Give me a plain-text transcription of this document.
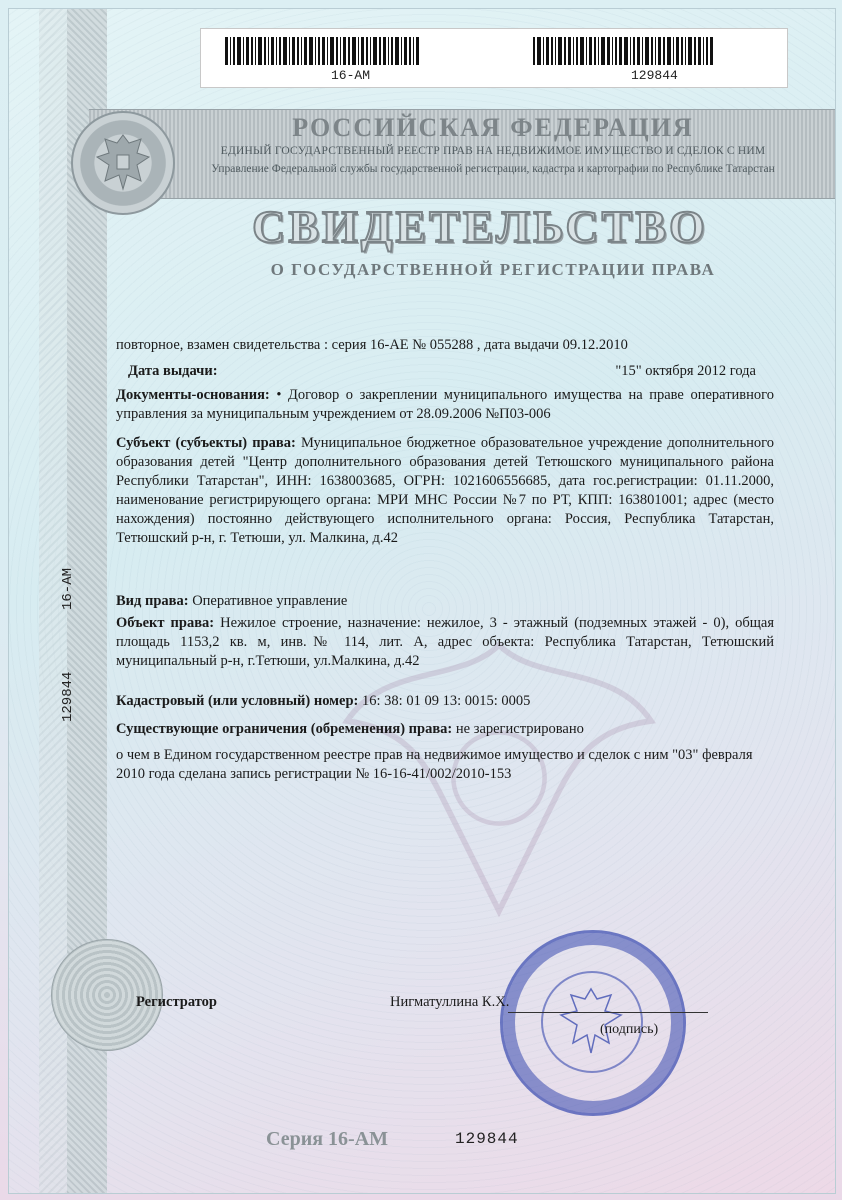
16-АМ	129844
РОССИЙСКАЯ ФЕДЕРАЦИЯ
ЕДИНЫЙ ГОСУДАРСТВЕННЫЙ РЕЕСТР ПРАВ НА НЕДВИЖИМОЕ ИМУЩЕСТВО И СДЕЛОК С НИМ
Управление Федеральной службы государственной регистрации, кадастра и картографии по Республике Татарстан
СВИДЕТЕЛЬСТВО
О ГОСУДАРСТВЕННОЙ РЕГИСТРАЦИИ ПРАВА
16-АМ
129844
повторное, взамен свидетельства : серия 16-АЕ № 055288 , дата выдачи 09.12.2010
Дата выдачи:	"15" октября 2012 года
Документы-основания: • Договор о закреплении муниципального имущества на праве оперативного управления за муниципальным учреждением от 28.09.2006 №П03-006
Субъект (субъекты) права: Муниципальное бюджетное образовательное учреждение дополнительного образования детей "Центр дополнительного образования детей Тетюшского муниципального района Республики Татарстан", ИНН: 1638003685, ОГРН: 1021606556685, дата гос.регистрации: 01.11.2000, наименование регистрирующего органа: МРИ МНС России №7 по РТ, КПП: 163801001; адрес (место нахождения) постоянно действующего исполнительного органа: Россия, Республика Татарстан, Тетюшский р-н, г. Тетюши, ул. Малкина, д.42
Вид права: Оперативное управление
Объект права: Нежилое строение, назначение: нежилое, 3 - этажный (подземных этажей - 0), общая площадь 1153,2 кв. м, инв.№ 114, лит. А, адрес объекта: Республика Татарстан, Тетюшский муниципальный р-н, г.Тетюши, ул.Малкина, д.42
Кадастровый (или условный) номер: 16: 38: 01 09 13: 0015: 0005
Существующие ограничения (обременения) права: не зарегистрировано
о чем в Едином государственном реестре прав на недвижимое имущество и сделок с ним "03" февраля 2010 года сделана запись регистрации № 16-16-41/002/2010-153
Регистратор	Нигматуллина К.Х.
(подпись)
Серия 16-АМ	129844
